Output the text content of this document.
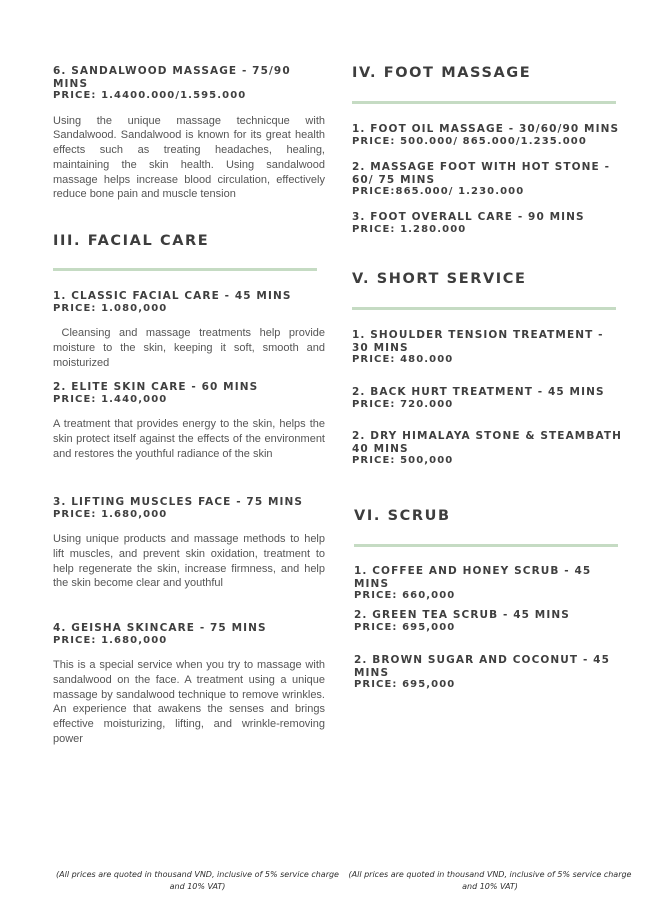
6. SANDALWOOD MASSAGE - 75/90 MINS
PRICE: 1.4400.000/1.595.000
Using the unique massage technicque with Sandalwood. Sandalwood is known for its great health effects such as treating headaches, healing, maintaining the skin health. Using sandalwood massage helps increase blood circulation, effectively reduce bone pain and muscle tension
III. FACIAL CARE
1. CLASSIC FACIAL CARE - 45 MINS
PRICE: 1.080,000
Cleansing and massage treatments help provide moisture to the skin, keeping it soft, smooth and moisturized
2. ELITE SKIN CARE - 60 MINS
PRICE: 1.440,000
A treatment that provides energy to the skin, helps the skin protect itself against the effects of the environment and restores the youthful radiance of the skin
3. LIFTING MUSCLES FACE - 75 MINS
PRICE: 1.680,000
Using unique products and massage methods to help lift muscles, and prevent skin oxidation, treatment to help regenerate the skin, increase firmness, and help the skin become clear and youthful
4. GEISHA SKINCARE - 75 MINS
PRICE: 1.680,000
This is a special service when you try to massage with sandalwood on the face. A treatment using a unique massage by sandalwood technique to remove wrinkles. An experience that awakens the senses and brings effective moisturizing, lifting, and wrinkle-removing power
IV. FOOT MASSAGE
1. FOOT OIL MASSAGE - 30/60/90 MINS
PRICE: 500.000/ 865.000/1.235.000
2. MASSAGE FOOT WITH HOT STONE - 60/ 75 MINS
PRICE:865.000/ 1.230.000
3. FOOT OVERALL CARE - 90 MINS
PRICE: 1.280.000
V. SHORT SERVICE
1. SHOULDER TENSION TREATMENT - 30 MINS
PRICE: 480.000
2. BACK HURT TREATMENT - 45 MINS
PRICE: 720.000
2. DRY HIMALAYA STONE & STEAMBATH 40 MINS
PRICE: 500,000
VI. SCRUB
1. COFFEE AND HONEY SCRUB - 45 MINS
PRICE: 660,000
2. GREEN TEA SCRUB - 45 MINS
PRICE: 695,000
2. BROWN SUGAR AND COCONUT - 45 MINS
PRICE: 695,000
(All prices are quoted in thousand VND, inclusive of 5% service charge and 10% VAT)
(All prices are quoted in thousand VND, inclusive of 5% service charge and 10% VAT)
